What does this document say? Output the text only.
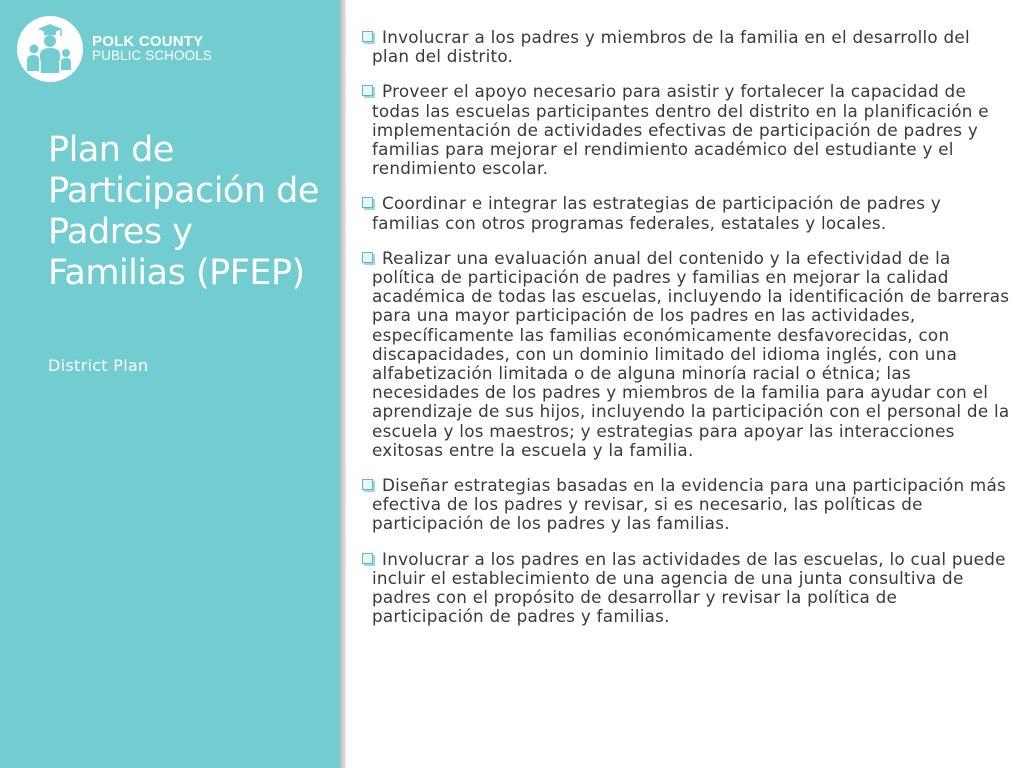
POLK COUNTY
PUBLIC SCHOOLS
Plan de Participación de Padres y Familias (PFEP)
District Plan
Involucrar a los padres y miembros de la familia en el desarrollo del plan del distrito.
Proveer el apoyo necesario para asistir y fortalecer la capacidad de todas las escuelas participantes dentro del distrito en la planificación e implementación de actividades efectivas de participación de padres y familias para mejorar el rendimiento académico del estudiante y el rendimiento escolar.
Coordinar e integrar las estrategias de participación de padres y familias con otros programas federales, estatales y locales.
Realizar una evaluación anual del contenido y la efectividad de la política de participación de padres y familias en mejorar la calidad académica de todas las escuelas, incluyendo la identificación de barreras para una mayor participación de los padres en las actividades, específicamente las familias económicamente desfavorecidas, con discapacidades, con un dominio limitado del idioma inglés, con una alfabetización limitada o de alguna minoría racial o étnica; las necesidades de los padres y miembros de la familia para ayudar con el aprendizaje de sus hijos, incluyendo la participación con el personal de la escuela y los maestros; y estrategias para apoyar las interacciones exitosas entre la escuela y la familia.
Diseñar estrategias basadas en la evidencia para una participación más efectiva de los padres y revisar, si es necesario, las políticas de participación de los padres y las familias.
Involucrar a los padres en las actividades de las escuelas, lo cual puede incluir el establecimiento de una agencia de una junta consultiva de padres con el propósito de desarrollar y revisar la política de participación de padres y familias.
